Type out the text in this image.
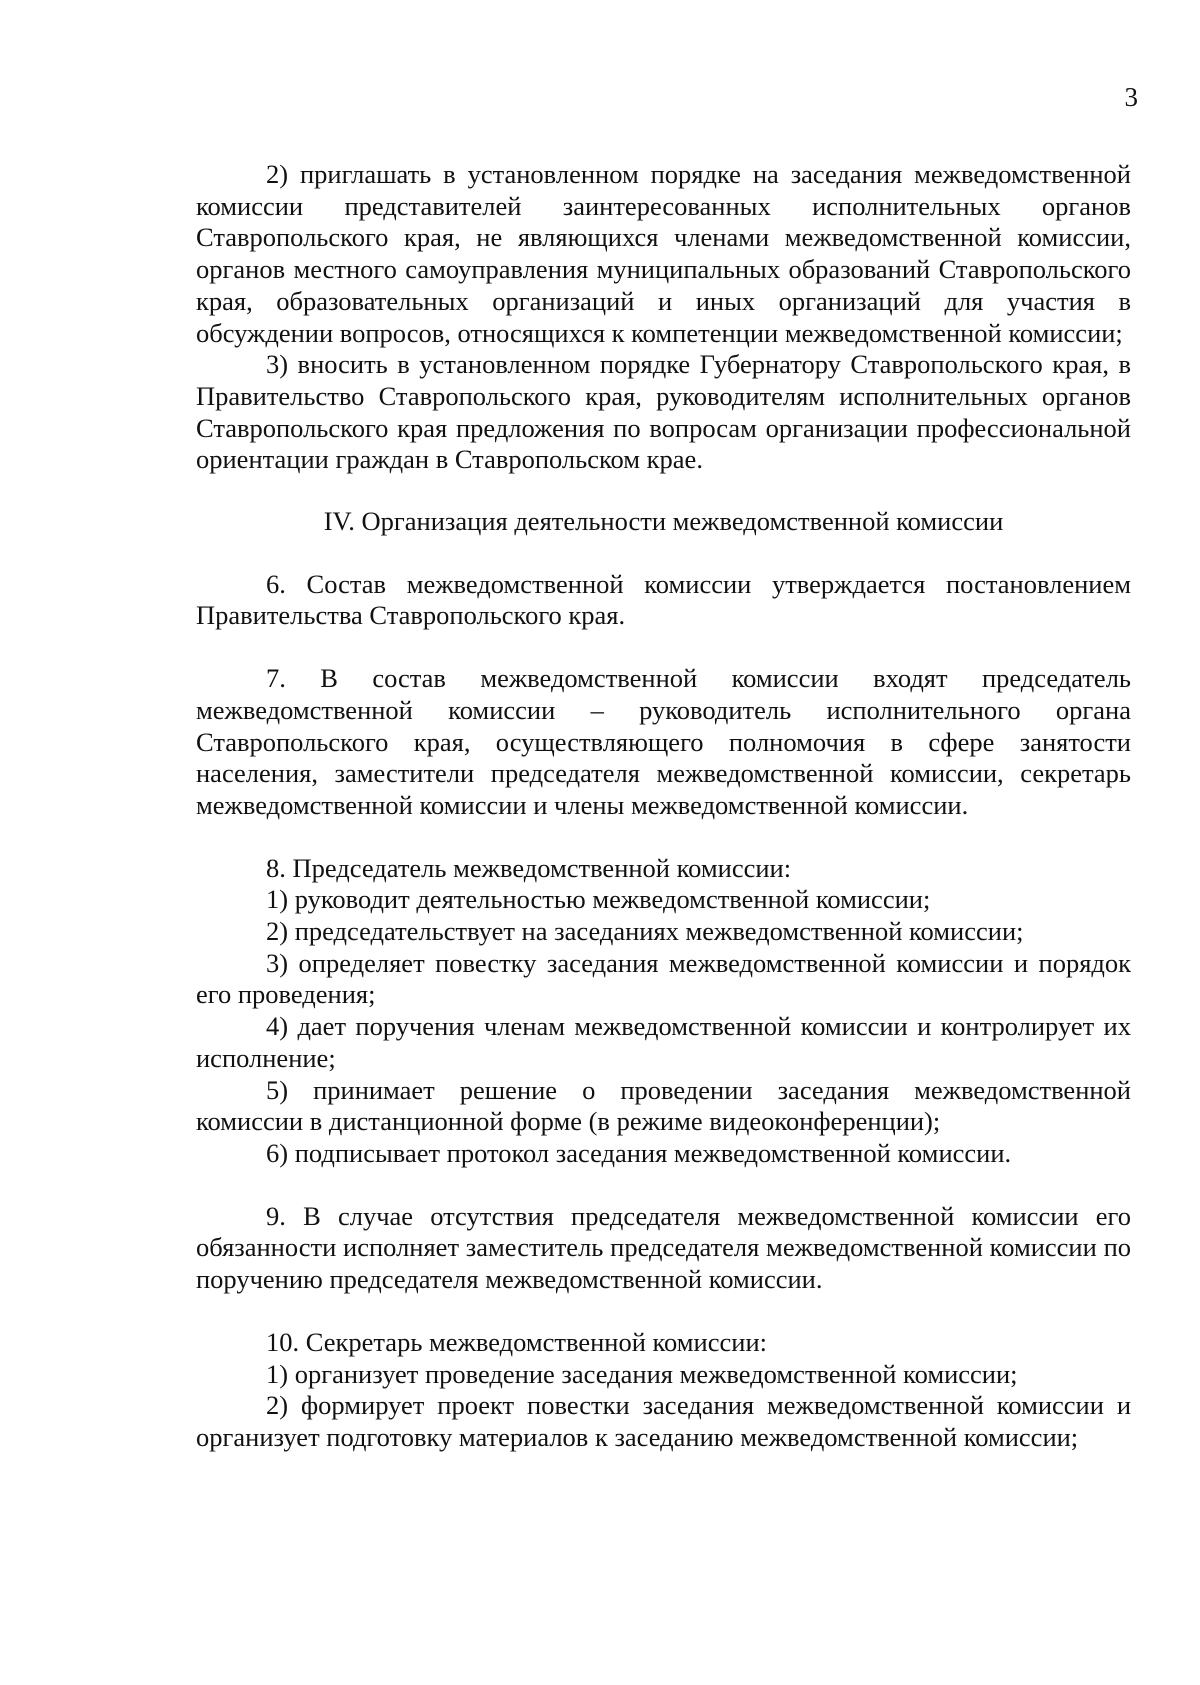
3

2) приглашать в установленном порядке на заседания межведомственной комиссии представителей заинтересованных исполнительных органов Ставропольского края, не являющихся членами межведомственной комиссии, органов местного самоуправления муниципальных образований Ставропольского края, образовательных организаций и иных организаций для участия в обсуждении вопросов, относящихся к компетенции межведомственной комиссии;

3) вносить в установленном порядке Губернатору Ставропольского края, в Правительство Ставропольского края, руководителям исполнительных органов Ставропольского края предложения по вопросам организации профессиональной ориентации граждан в Ставропольском крае.

IV. Организация деятельности межведомственной комиссии

6. Состав межведомственной комиссии утверждается постановлением Правительства Ставропольского края.

7. В состав межведомственной комиссии входят председатель межведомственной комиссии – руководитель исполнительного органа Ставропольского края, осуществляющего полномочия в сфере занятости населения, заместители председателя межведомственной комиссии, секретарь межведомственной комиссии и члены межведомственной комиссии.

8. Председатель межведомственной комиссии:

1) руководит деятельностью межведомственной комиссии;

2) председательствует на заседаниях межведомственной комиссии;

3) определяет повестку заседания межведомственной комиссии и порядок его проведения;

4) дает поручения членам межведомственной комиссии и контролирует их исполнение;

5) принимает решение о проведении заседания межведомственной комиссии в дистанционной форме (в режиме видеоконференции);

6) подписывает протокол заседания межведомственной комиссии.

9. В случае отсутствия председателя межведомственной комиссии его обязанности исполняет заместитель председателя межведомственной комиссии по поручению председателя межведомственной комиссии.

10. Секретарь межведомственной комиссии:

1) организует проведение заседания межведомственной комиссии;

2) формирует проект повестки заседания межведомственной комиссии и организует подготовку материалов к заседанию межведомственной комиссии;
